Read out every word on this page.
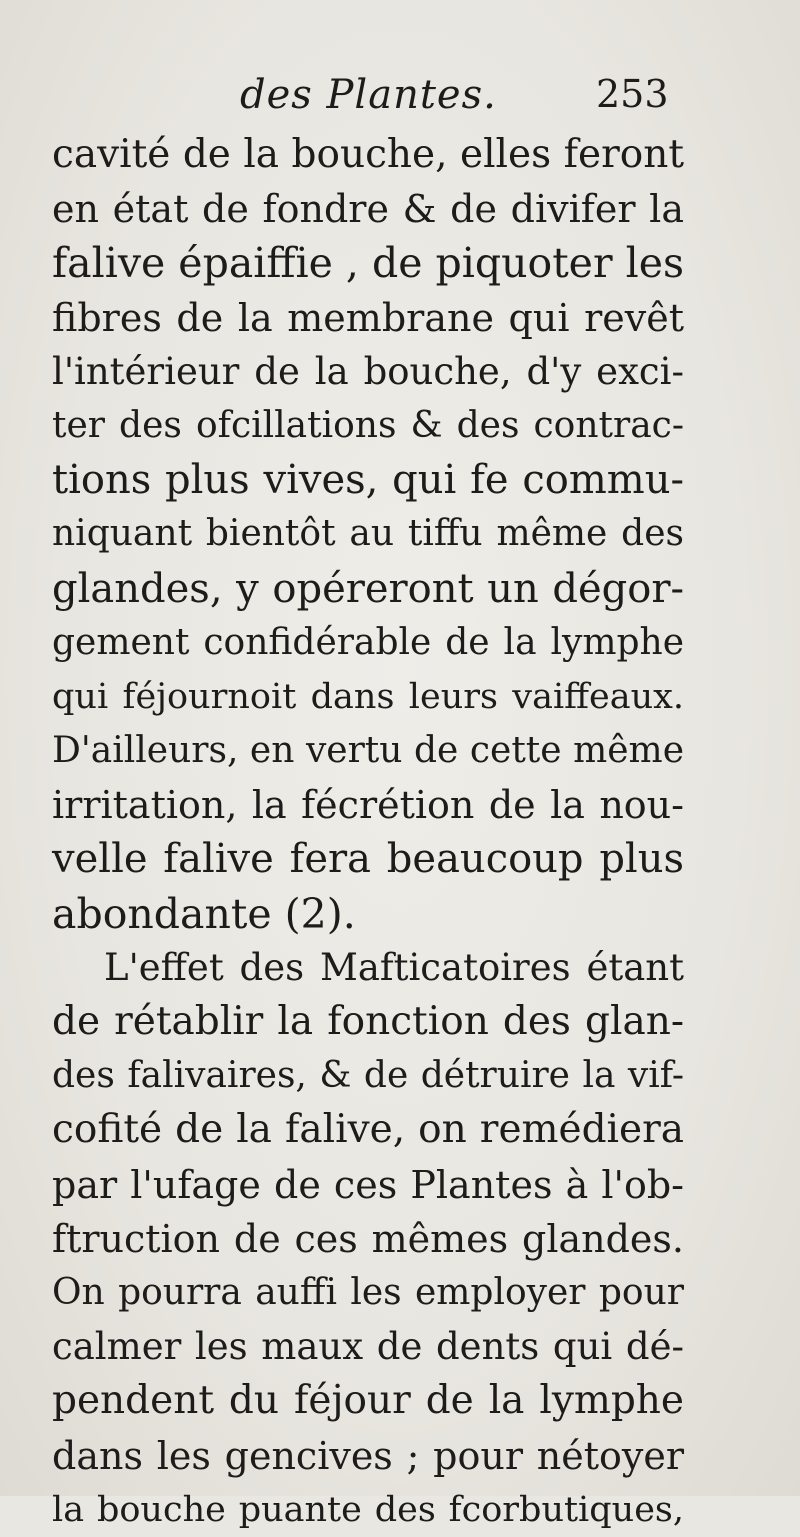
des Plantes.	253
cavité de la bouche, elles feront
en état de fondre & de divifer la
falive épaiffie , de piquoter les
fibres de la membrane qui revêt
l'intérieur de la bouche, d'y exci-
ter des ofcillations & des contrac-
tions plus vives, qui fe commu-
niquant bientôt au tiffu même des
glandes, y opéreront un dégor-
gement confidérable de la lymphe
qui féjournoit dans leurs vaiffeaux.
D'ailleurs, en vertu de cette même
irritation, la fécrétion de la nou-
velle falive fera beaucoup plus
abondante (2).
L'effet des Mafticatoires étant
de rétablir la fonction des glan-
des falivaires, & de détruire la vif-
cofité de la falive, on remédiera
par l'ufage de ces Plantes à l'ob-
ftruction de ces mêmes glandes.
On pourra auffi les employer pour
calmer les maux de dents qui dé-
pendent du féjour de la lymphe
dans les gencives ; pour nétoyer
la bouche puante des fcorbutiques,
